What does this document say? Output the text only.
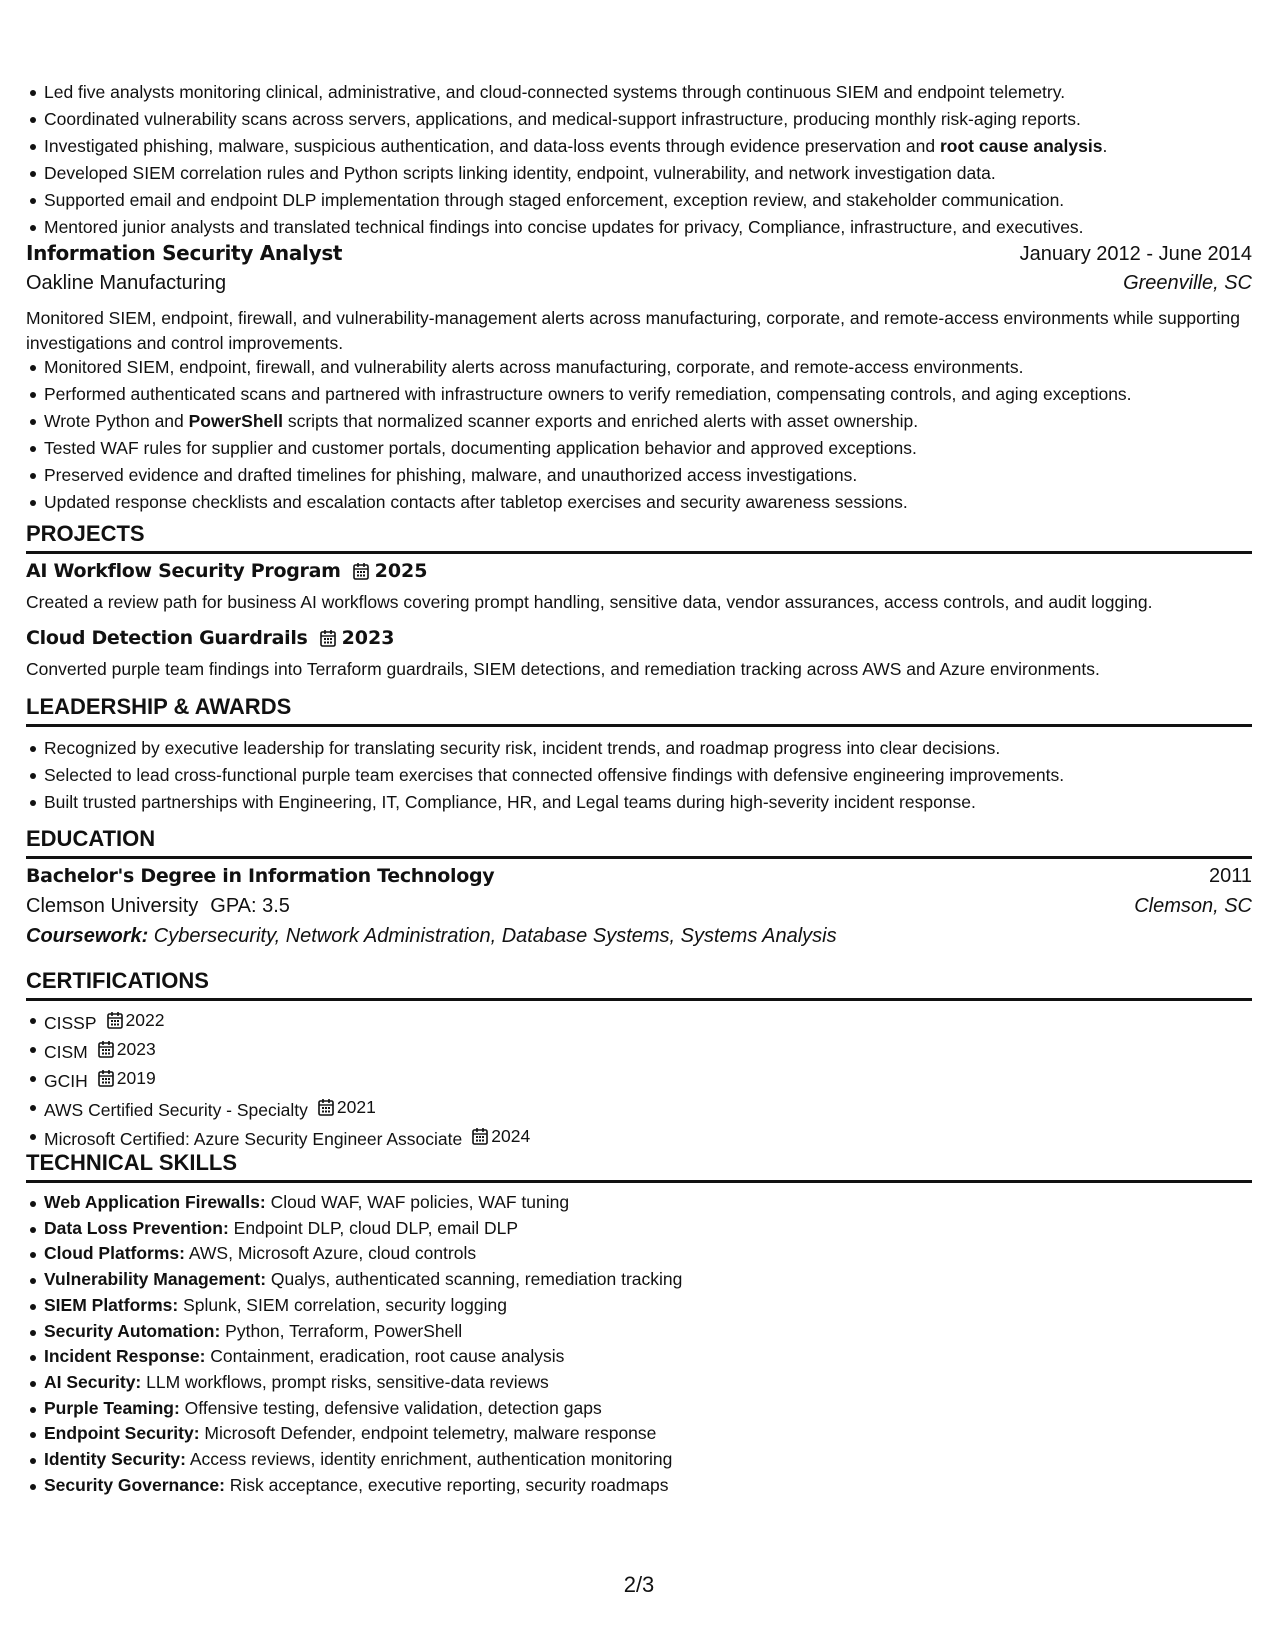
Led five analysts monitoring clinical, administrative, and cloud-connected systems through continuous SIEM and endpoint telemetry.
Coordinated vulnerability scans across servers, applications, and medical-support infrastructure, producing monthly risk-aging reports.
Investigated phishing, malware, suspicious authentication, and data-loss events through evidence preservation and root cause analysis.
Developed SIEM correlation rules and Python scripts linking identity, endpoint, vulnerability, and network investigation data.
Supported email and endpoint DLP implementation through staged enforcement, exception review, and stakeholder communication.
Mentored junior analysts and translated technical findings into concise updates for privacy, Compliance, infrastructure, and executives.
Information Security Analyst	January 2012 - June 2014
Oakline Manufacturing	Greenville, SC
Monitored SIEM, endpoint, firewall, and vulnerability-management alerts across manufacturing, corporate, and remote-access environments while supporting investigations and control improvements.
Monitored SIEM, endpoint, firewall, and vulnerability alerts across manufacturing, corporate, and remote-access environments.
Performed authenticated scans and partnered with infrastructure owners to verify remediation, compensating controls, and aging exceptions.
Wrote Python and PowerShell scripts that normalized scanner exports and enriched alerts with asset ownership.
Tested WAF rules for supplier and customer portals, documenting application behavior and approved exceptions.
Preserved evidence and drafted timelines for phishing, malware, and unauthorized access investigations.
Updated response checklists and escalation contacts after tabletop exercises and security awareness sessions.
PROJECTS
AI Workflow Security Program 2025
Created a review path for business AI workflows covering prompt handling, sensitive data, vendor assurances, access controls, and audit logging.
Cloud Detection Guardrails 2023
Converted purple team findings into Terraform guardrails, SIEM detections, and remediation tracking across AWS and Azure environments.
LEADERSHIP & AWARDS
Recognized by executive leadership for translating security risk, incident trends, and roadmap progress into clear decisions.
Selected to lead cross-functional purple team exercises that connected offensive findings with defensive engineering improvements.
Built trusted partnerships with Engineering, IT, Compliance, HR, and Legal teams during high-severity incident response.
EDUCATION
Bachelor's Degree in Information Technology	2011
Clemson University GPA: 3.5	Clemson, SC
Coursework: Cybersecurity, Network Administration, Database Systems, Systems Analysis
CERTIFICATIONS
CISSP 2022
CISM 2023
GCIH 2019
AWS Certified Security - Specialty 2021
Microsoft Certified: Azure Security Engineer Associate 2024
TECHNICAL SKILLS
Web Application Firewalls: Cloud WAF, WAF policies, WAF tuning
Data Loss Prevention: Endpoint DLP, cloud DLP, email DLP
Cloud Platforms: AWS, Microsoft Azure, cloud controls
Vulnerability Management: Qualys, authenticated scanning, remediation tracking
SIEM Platforms: Splunk, SIEM correlation, security logging
Security Automation: Python, Terraform, PowerShell
Incident Response: Containment, eradication, root cause analysis
AI Security: LLM workflows, prompt risks, sensitive-data reviews
Purple Teaming: Offensive testing, defensive validation, detection gaps
Endpoint Security: Microsoft Defender, endpoint telemetry, malware response
Identity Security: Access reviews, identity enrichment, authentication monitoring
Security Governance: Risk acceptance, executive reporting, security roadmaps
2/3
